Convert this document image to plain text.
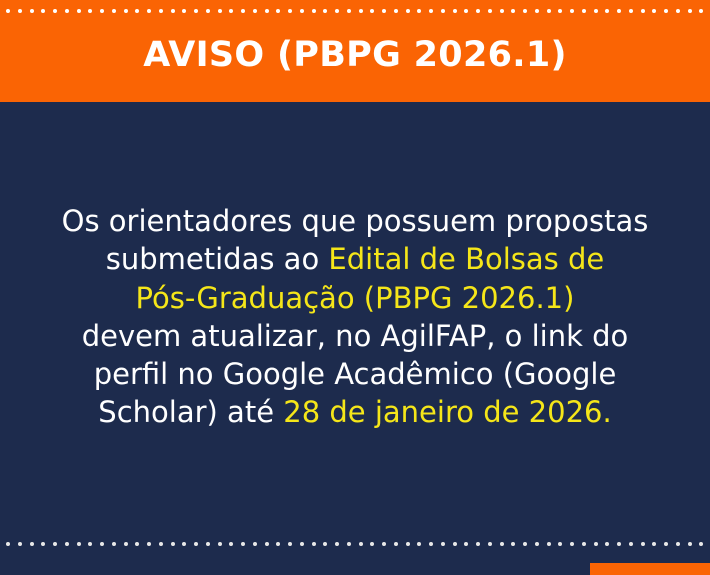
AVISO (PBPG 2026.1)
Os orientadores que possuem propostas
submetidas ao Edital de Bolsas de
Pós-Graduação (PBPG 2026.1)
devem atualizar, no AgilFAP, o link do
perfil no Google Acadêmico (Google
Scholar) até 28 de janeiro de 2026.
